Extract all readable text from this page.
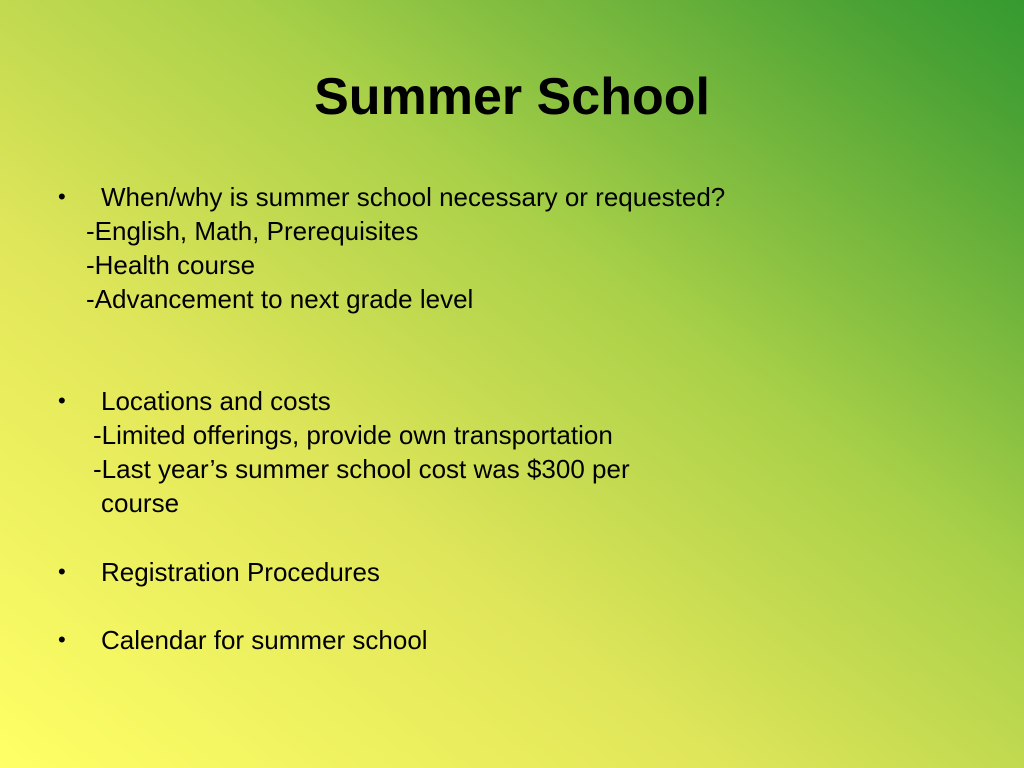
Summer School
• When/why is summer school necessary or requested?
-English, Math, Prerequisites
-Health course
-Advancement to next grade level
• Locations and costs
-Limited offerings, provide own transportation
-Last year’s summer school cost was $300 per
course
• Registration Procedures
• Calendar for summer school
